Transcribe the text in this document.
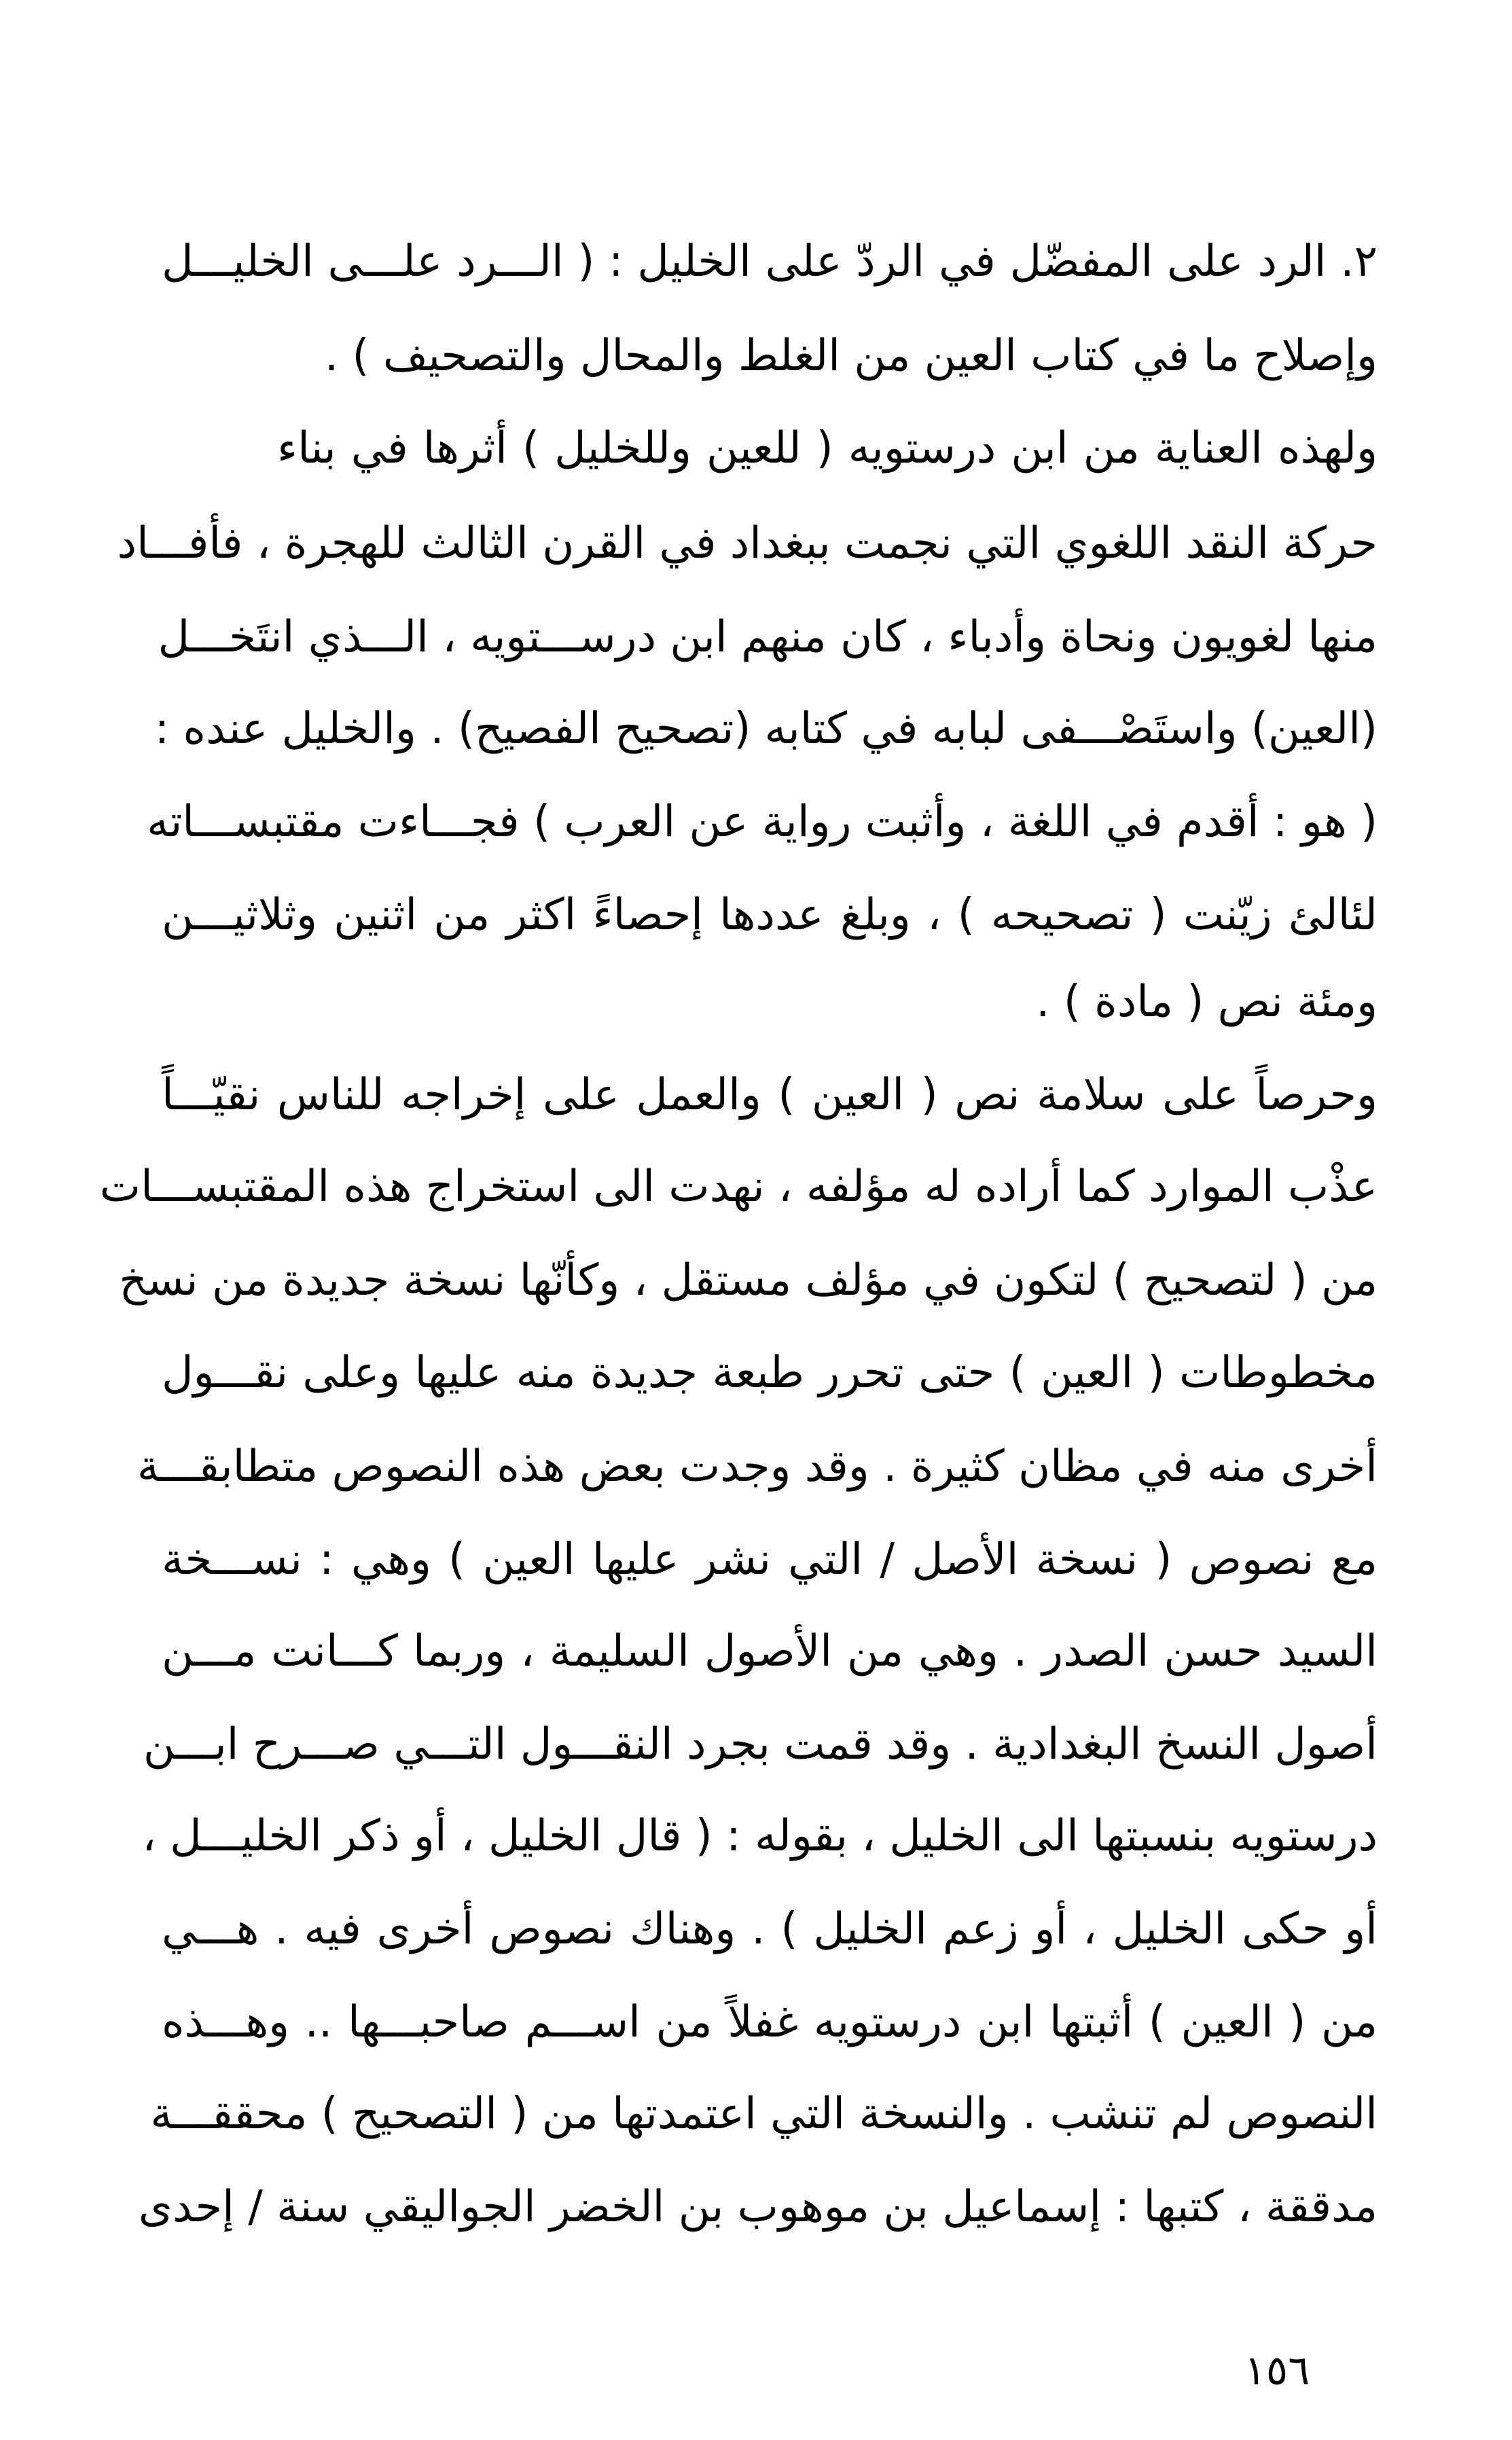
٢. الرد على المفضّل في الردّ على الخليل : ( الـــرد علـــى الخليـــل
وإصلاح ما في كتاب العين من الغلط والمحال والتصحيف ) .
ولهذه العناية من ابن درستويه ( للعين وللخليل ) أثرها في بناء
حركة النقد اللغوي التي نجمت ببغداد في القرن الثالث للهجرة ، فأفـــاد
منها لغويون ونحاة وأدباء ، كان منهم ابن درســـتويه ، الـــذي انتَخـــل
(العين) واستَصْـــفى لبابه في كتابه (تصحيح الفصيح) . والخليل عنده :
( هو : أقدم في اللغة ، وأثبت رواية عن العرب ) فجـــاءت مقتبســـاته
لئالئ زيّنت ( تصحيحه ) ، وبلغ عددها إحصاءً اكثر من اثنين وثلاثيـــن
ومئة نص ( مادة ) .
وحرصاً على سلامة نص ( العين ) والعمل على إخراجه للناس نقيّـــاً
عذْب الموارد كما أراده له مؤلفه ، نهدت الى استخراج هذه المقتبســـات
من ( لتصحيح ) لتكون في مؤلف مستقل ، وكأنّها نسخة جديدة من نسخ
مخطوطات ( العين ) حتى تحرر طبعة جديدة منه عليها وعلى نقـــول
أخرى منه في مظان كثيرة . وقد وجدت بعض هذه النصوص متطابقـــة
مع نصوص ( نسخة الأصل / التي نشر عليها العين ) وهي : نســـخة
السيد حسن الصدر . وهي من الأصول السليمة ، وربما كـــانت مـــن
أصول النسخ البغدادية . وقد قمت بجرد النقـــول التـــي صـــرح ابـــن
درستويه بنسبتها الى الخليل ، بقوله : ( قال الخليل ، أو ذكر الخليـــل ،
أو حكى الخليل ، أو زعم الخليل ) . وهناك نصوص أخرى فيه . هـــي
من ( العين ) أثبتها ابن درستويه غفلاً من اســـم صاحبـــها .. وهـــذه
النصوص لم تنشب . والنسخة التي اعتمدتها من ( التصحيح ) محققـــة
مدققة ، كتبها : إسماعيل بن موهوب بن الخضر الجواليقي سنة / إحدى
١٥٦
